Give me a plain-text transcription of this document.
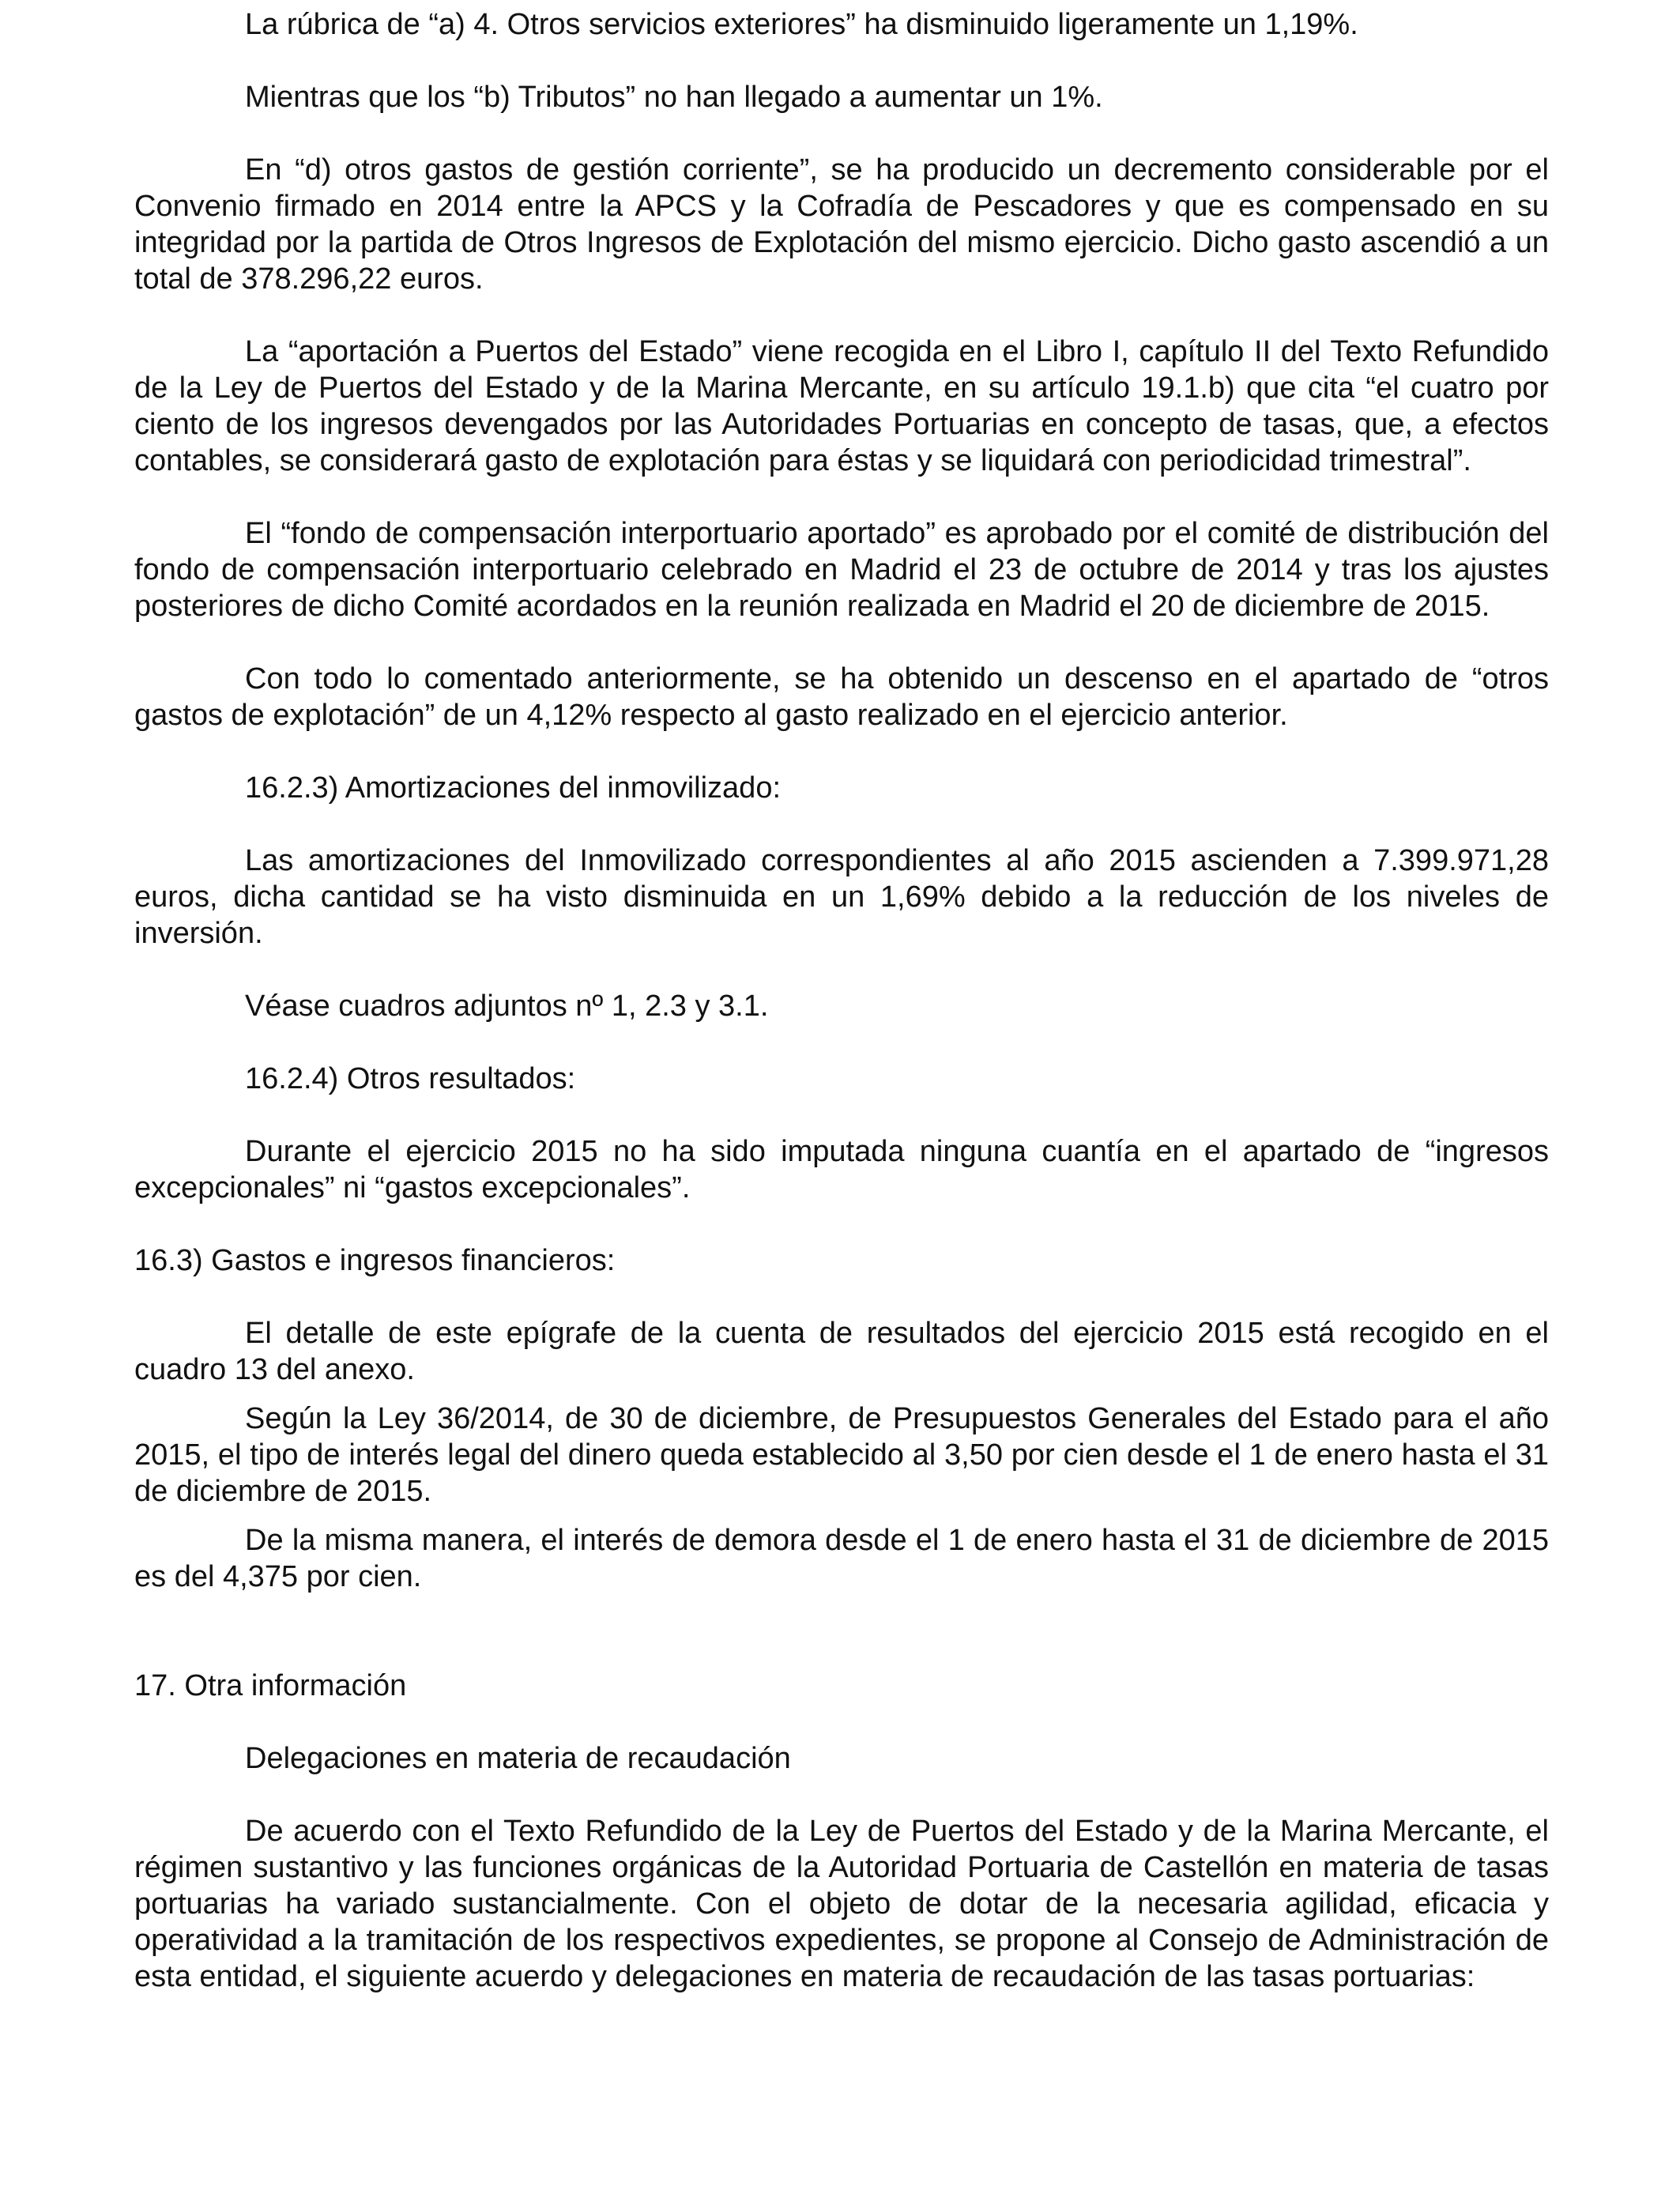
La rúbrica de “a) 4. Otros servicios exteriores” ha disminuido ligeramente un 1,19%.

Mientras que los “b) Tributos” no han llegado a aumentar un 1%.

En “d) otros gastos de gestión corriente”, se ha producido un decremento considerable por el Convenio firmado en 2014 entre la APCS y la Cofradía de Pescadores y que es compensado en su integridad por la partida de Otros Ingresos de Explotación del mismo ejercicio. Dicho gasto ascendió a un total de 378.296,22 euros.

La “aportación a Puertos del Estado” viene recogida en el Libro I, capítulo II del Texto Refundido de la Ley de Puertos del Estado y de la Marina Mercante, en su artículo 19.1.b) que cita “el cuatro por ciento de los ingresos devengados por las Autoridades Portuarias en concepto de tasas, que, a efectos contables, se considerará gasto de explotación para éstas y se liquidará con periodicidad trimestral”.

El “fondo de compensación interportuario aportado” es aprobado por el comité de distribución del fondo de compensación interportuario celebrado en Madrid el 23 de octubre de 2014 y tras los ajustes posteriores de dicho Comité acordados en la reunión realizada en Madrid el 20 de diciembre de 2015.

Con todo lo comentado anteriormente, se ha obtenido un descenso en el apartado de “otros gastos de explotación” de un 4,12% respecto al gasto realizado en el ejercicio anterior.

16.2.3) Amortizaciones del inmovilizado:

Las amortizaciones del Inmovilizado correspondientes al año 2015 ascienden a 7.399.971,28 euros, dicha cantidad se ha visto disminuida en un 1,69% debido a la reducción de los niveles de inversión.

Véase cuadros adjuntos nº 1, 2.3 y 3.1.

16.2.4) Otros resultados:

Durante el ejercicio 2015 no ha sido imputada ninguna cuantía en el apartado de “ingresos excepcionales” ni “gastos excepcionales”.

16.3) Gastos e ingresos financieros:

El detalle de este epígrafe de la cuenta de resultados del ejercicio 2015 está recogido en el cuadro 13 del anexo.

Según la Ley 36/2014, de 30 de diciembre, de Presupuestos Generales del Estado para el año 2015, el tipo de interés legal del dinero queda establecido al 3,50 por cien desde el 1 de enero hasta el 31 de diciembre de 2015.

De la misma manera, el interés de demora desde el 1 de enero hasta el 31 de diciembre de 2015 es del 4,375 por cien.

17. Otra información

Delegaciones en materia de recaudación

De acuerdo con el Texto Refundido de la Ley de Puertos del Estado y de la Marina Mercante, el régimen sustantivo y las funciones orgánicas de la Autoridad Portuaria de Castellón en materia de tasas portuarias ha variado sustancialmente. Con el objeto de dotar de la necesaria agilidad, eficacia y operatividad a la tramitación de los respectivos expedientes, se propone al Consejo de Administración de esta entidad, el siguiente acuerdo y delegaciones en materia de recaudación de las tasas portuarias:
